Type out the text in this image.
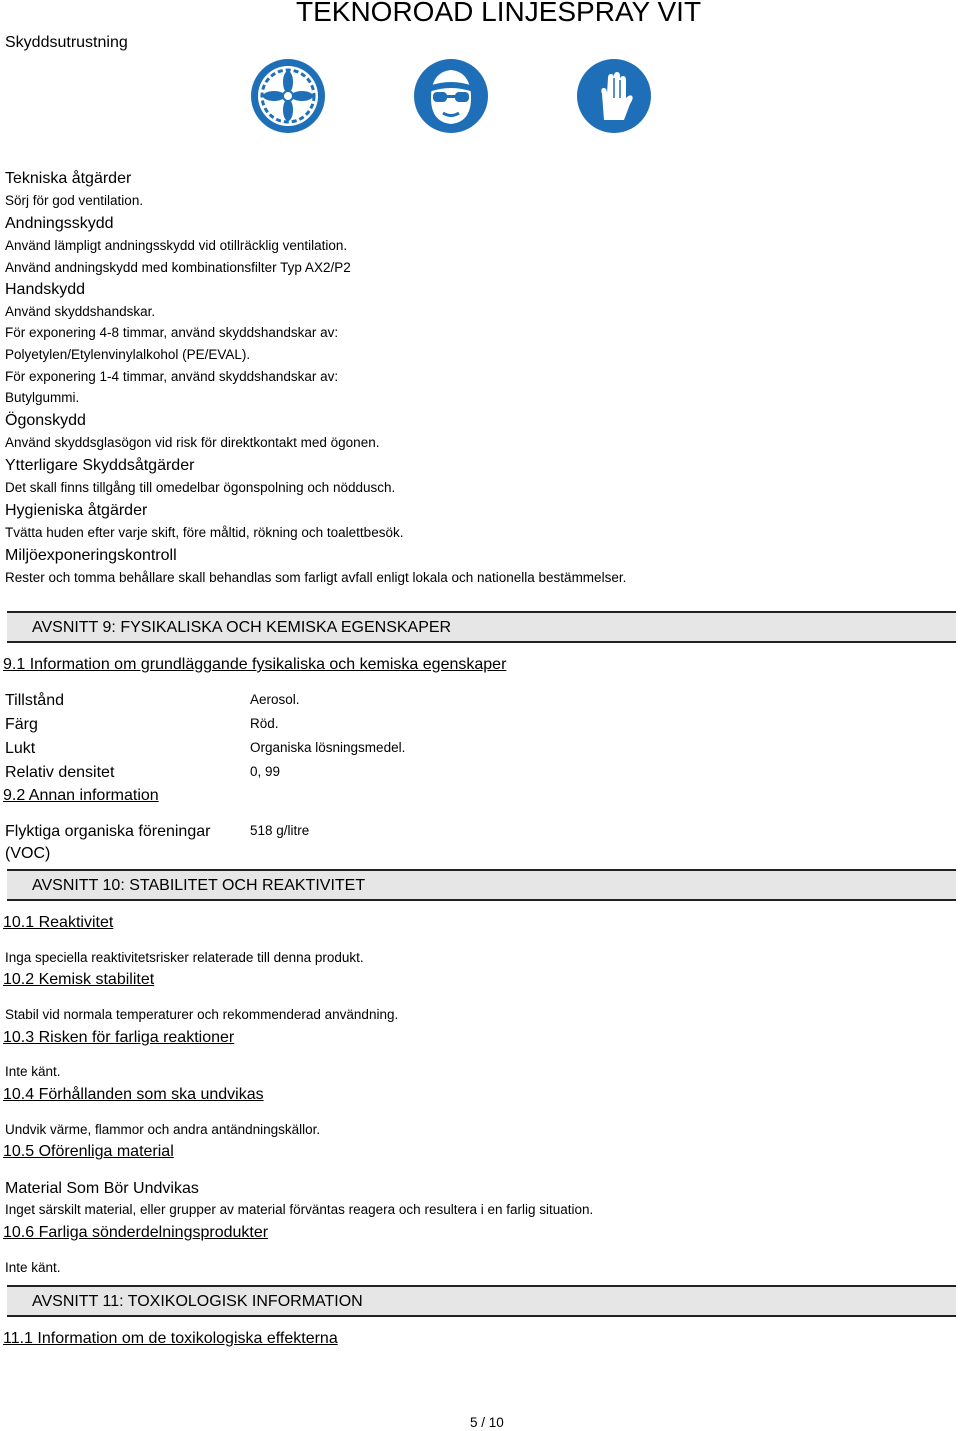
TEKNOROAD LINJESPRAY VIT
Skyddsutrustning
Tekniska åtgärder
Sörj för god ventilation.
Andningsskydd
Använd lämpligt andningsskydd vid otillräcklig ventilation.
Använd andningskydd med kombinationsfilter Typ AX2/P2
Handskydd
Använd skyddshandskar.
För exponering 4-8 timmar, använd skyddshandskar av:
Polyetylen/Etylenvinylalkohol (PE/EVAL).
För exponering 1-4 timmar, använd skyddshandskar av:
Butylgummi.
Ögonskydd
Använd skyddsglasögon vid risk för direktkontakt med ögonen.
Ytterligare Skyddsåtgärder
Det skall finns tillgång till omedelbar ögonspolning och nöddusch.
Hygieniska åtgärder
Tvätta huden efter varje skift, före måltid, rökning och toalettbesök.
Miljöexponeringskontroll
Rester och tomma behållare skall behandlas som farligt avfall enligt lokala och nationella bestämmelser.
AVSNITT 9: FYSIKALISKA OCH KEMISKA EGENSKAPER
9.1 Information om grundläggande fysikaliska och kemiska egenskaper
Tillstånd	Aerosol.
Färg	Röd.
Lukt	Organiska lösningsmedel.
Relativ densitet	0, 99
9.2 Annan information
Flyktiga organiska föreningar
(VOC)
518 g/litre
AVSNITT 10: STABILITET OCH REAKTIVITET
10.1 Reaktivitet
Inga speciella reaktivitetsrisker relaterade till denna produkt.
10.2 Kemisk stabilitet
Stabil vid normala temperaturer och rekommenderad användning.
10.3 Risken för farliga reaktioner
Inte känt.
10.4 Förhållanden som ska undvikas
Undvik värme, flammor och andra antändningskällor.
10.5 Oförenliga material
Material Som Bör Undvikas
Inget särskilt material, eller grupper av material förväntas reagera och resultera i en farlig situation.
10.6 Farliga sönderdelningsprodukter
Inte känt.
AVSNITT 11: TOXIKOLOGISK INFORMATION
11.1 Information om de toxikologiska effekterna
5 / 10
